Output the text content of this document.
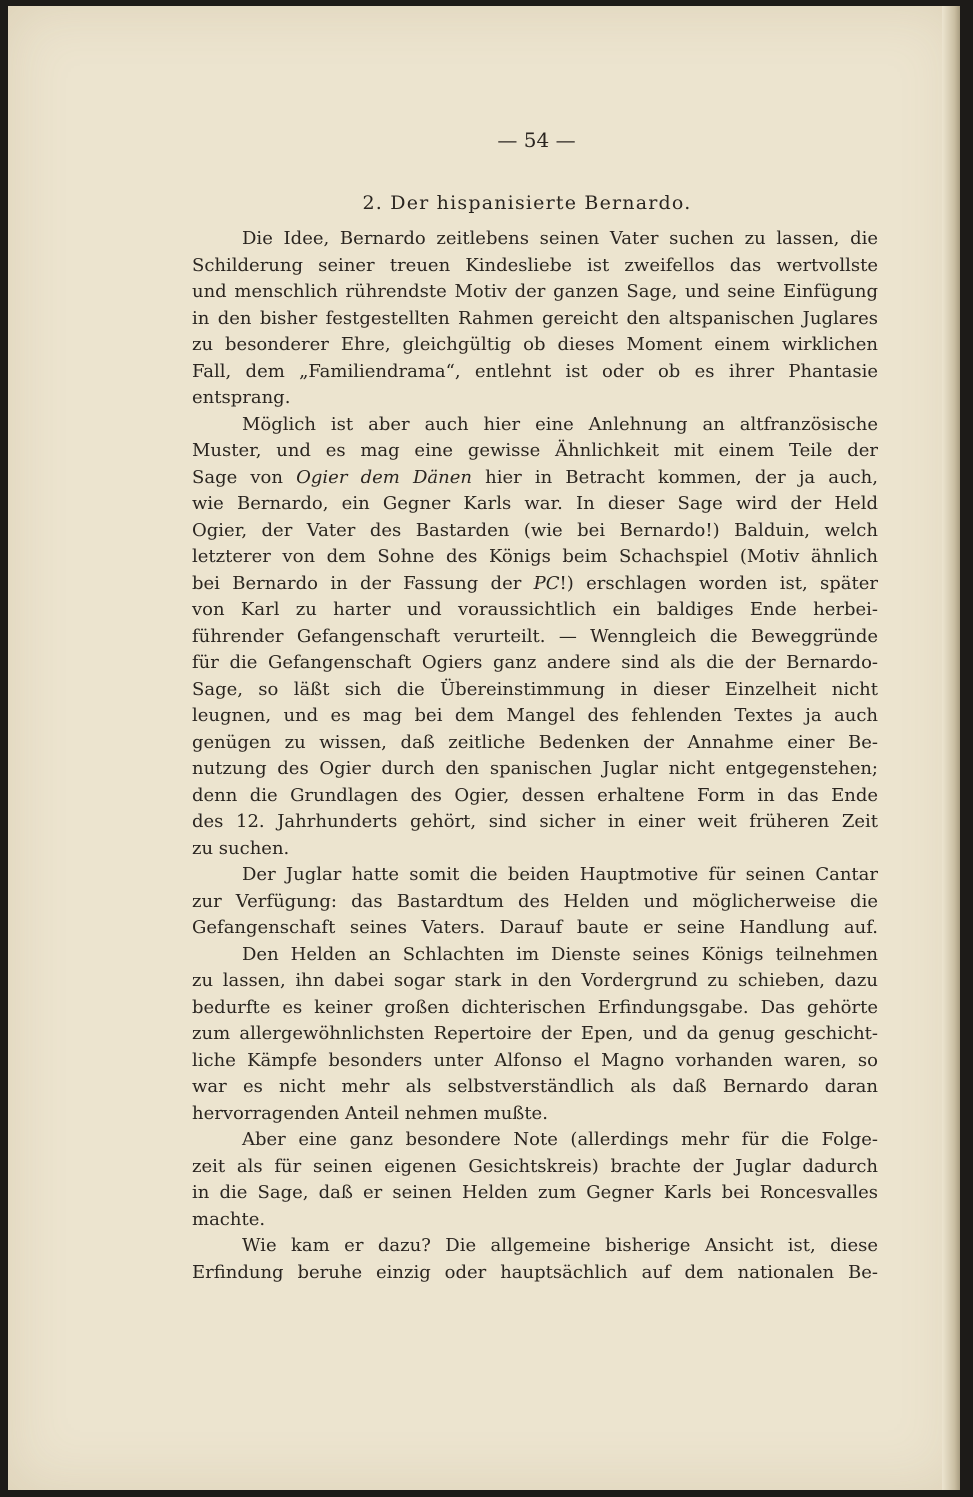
— 54 —
2. Der hispanisierte Bernardo.
Die Idee, Bernardo zeitlebens seinen Vater suchen zu lassen, die
Schilderung seiner treuen Kindesliebe ist zweifellos das wertvollste
und menschlich rührendste Motiv der ganzen Sage, und seine Einfügung
in den bisher festgestellten Rahmen gereicht den altspanischen Juglares
zu besonderer Ehre, gleichgültig ob dieses Moment einem wirklichen
Fall, dem „Familiendrama“, entlehnt ist oder ob es ihrer Phantasie
entsprang.
Möglich ist aber auch hier eine Anlehnung an altfranzösische
Muster, und es mag eine gewisse Ähnlichkeit mit einem Teile der
Sage von Ogier dem Dänen hier in Betracht kommen, der ja auch,
wie Bernardo, ein Gegner Karls war. In dieser Sage wird der Held
Ogier, der Vater des Bastarden (wie bei Bernardo!) Balduin, welch
letzterer von dem Sohne des Königs beim Schachspiel (Motiv ähnlich
bei Bernardo in der Fassung der PC!) erschlagen worden ist, später
von Karl zu harter und voraussichtlich ein baldiges Ende herbei-
führender Gefangenschaft verurteilt. — Wenngleich die Beweggründe
für die Gefangenschaft Ogiers ganz andere sind als die der Bernardo-
Sage, so läßt sich die Übereinstimmung in dieser Einzelheit nicht
leugnen, und es mag bei dem Mangel des fehlenden Textes ja auch
genügen zu wissen, daß zeitliche Bedenken der Annahme einer Be-
nutzung des Ogier durch den spanischen Juglar nicht entgegenstehen;
denn die Grundlagen des Ogier, dessen erhaltene Form in das Ende
des 12. Jahrhunderts gehört, sind sicher in einer weit früheren Zeit
zu suchen.
Der Juglar hatte somit die beiden Hauptmotive für seinen Cantar
zur Verfügung: das Bastardtum des Helden und möglicherweise die
Gefangenschaft seines Vaters. Darauf baute er seine Handlung auf.
Den Helden an Schlachten im Dienste seines Königs teilnehmen
zu lassen, ihn dabei sogar stark in den Vordergrund zu schieben, dazu
bedurfte es keiner großen dichterischen Erfindungsgabe. Das gehörte
zum allergewöhnlichsten Repertoire der Epen, und da genug geschicht-
liche Kämpfe besonders unter Alfonso el Magno vorhanden waren, so
war es nicht mehr als selbstverständlich als daß Bernardo daran
hervorragenden Anteil nehmen mußte.
Aber eine ganz besondere Note (allerdings mehr für die Folge-
zeit als für seinen eigenen Gesichtskreis) brachte der Juglar dadurch
in die Sage, daß er seinen Helden zum Gegner Karls bei Roncesvalles
machte.
Wie kam er dazu? Die allgemeine bisherige Ansicht ist, diese
Erfindung beruhe einzig oder hauptsächlich auf dem nationalen Be-
